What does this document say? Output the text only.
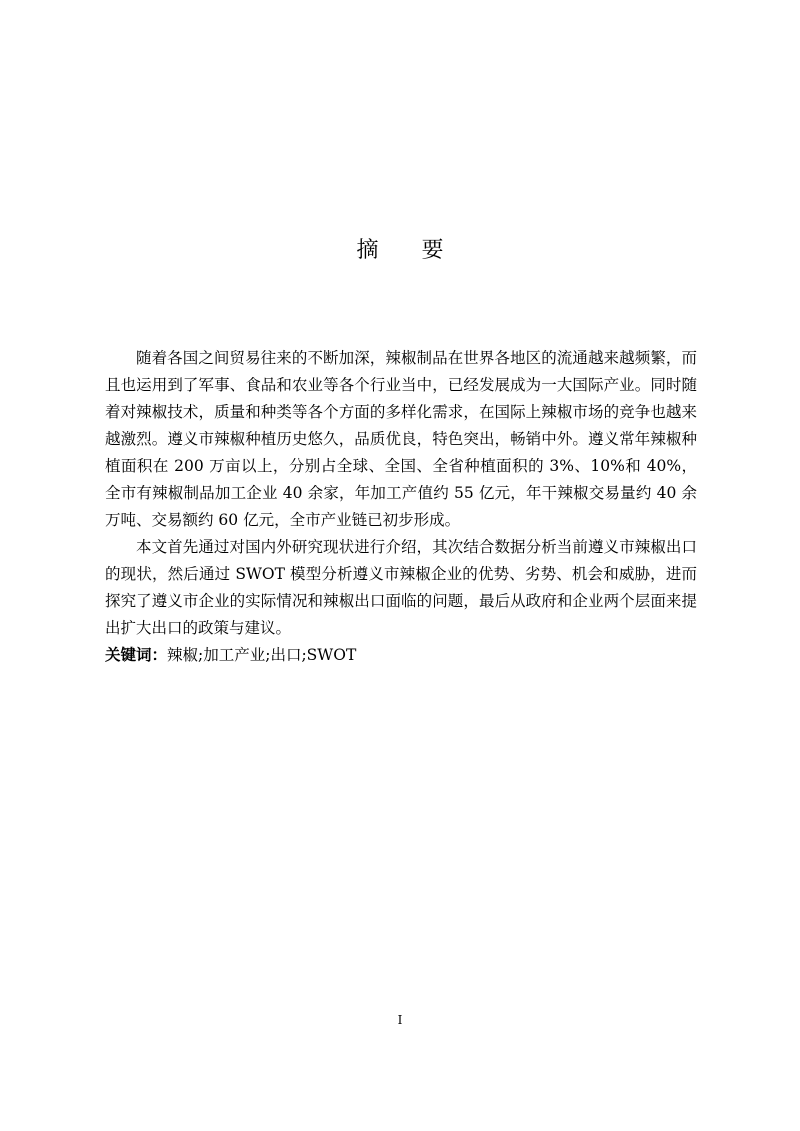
摘 要

随着各国之间贸易往来的不断加深，辣椒制品在世界各地区的流通越来越频繁，而且也运用到了军事、食品和农业等各个行业当中，已经发展成为一大国际产业。同时随着对辣椒技术，质量和种类等各个方面的多样化需求，在国际上辣椒市场的竞争也越来越激烈。遵义市辣椒种植历史悠久，品质优良，特色突出，畅销中外。遵义常年辣椒种植面积在 200 万亩以上，分别占全球、全国、全省种植面积的 3%、10%和 40%，全市有辣椒制品加工企业 40 余家，年加工产值约 55 亿元，年干辣椒交易量约 40 余万吨、交易额约 60 亿元，全市产业链已初步形成。

本文首先通过对国内外研究现状进行介绍，其次结合数据分析当前遵义市辣椒出口的现状，然后通过 SWOT 模型分析遵义市辣椒企业的优势、劣势、机会和威胁，进而探究了遵义市企业的实际情况和辣椒出口面临的问题，最后从政府和企业两个层面来提出扩大出口的政策与建议。

关键词：辣椒;加工产业;出口;SWOT

I
